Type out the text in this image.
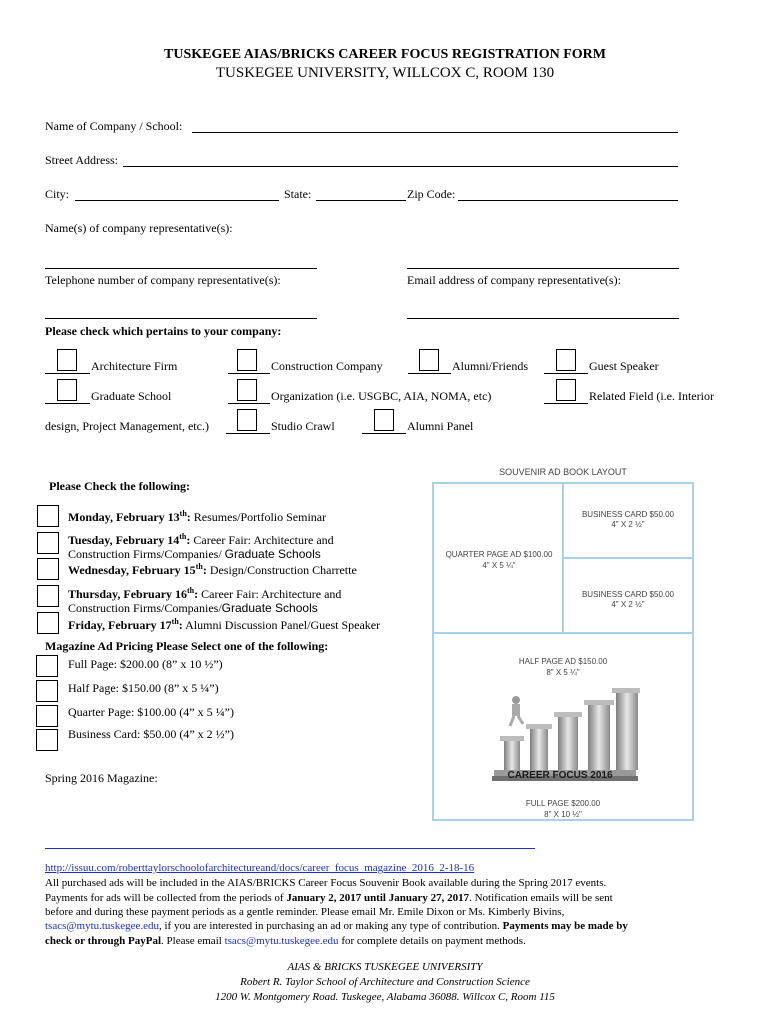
TUSKEGEE AIAS/BRICKS CAREER FOCUS REGISTRATION FORM
TUSKEGEE UNIVERSITY, WILLCOX C, ROOM 130
Name of Company / School:
Street Address:
City:	State:	Zip Code:
Name(s) of company representative(s):
Telephone number of company representative(s):	Email address of company representative(s):
Please check which pertains to your company:
Architecture Firm	Construction Company	Alumni/Friends	Guest Speaker
Graduate School	Organization (i.e. USGBC, AIA, NOMA, etc)	Related Field (i.e. Interior
design, Project Management, etc.)	Studio Crawl	Alumni Panel
Please Check the following:
Monday, February 13th: Resumes/Portfolio Seminar
Tuesday, February 14th: Career Fair: Architecture and
Construction Firms/Companies/ Graduate Schools
Wednesday, February 15th: Design/Construction Charrette
Thursday, February 16th: Career Fair: Architecture and
Construction Firms/Companies/Graduate Schools
Friday, February 17th: Alumni Discussion Panel/Guest Speaker
Magazine Ad Pricing Please Select one of the following:
Full Page: $200.00 (8” x 10 ½”)
Half Page: $150.00 (8” x 5 ¼”)
Quarter Page: $100.00 (4” x 5 ¼”)
Business Card: $50.00 (4” x 2 ½”)
Spring 2016 Magazine:
SOUVENIR AD BOOK LAYOUT
BUSINESS CARD $50.00
4" X 2 ½"
QUARTER PAGE AD $100.00
4" X 5 ¼"
BUSINESS CARD $50.00
4" X 2 ½"
HALF PAGE AD $150.00
8" X 5 ¼"
CAREER FOCUS 2016
FULL PAGE $200.00
8" X 10 ½"
http://issuu.com/roberttaylorschoolofarchitectureand/docs/career_focus_magazine_2016_2-18-16
All purchased ads will be included in the AIAS/BRICKS Career Focus Souvenir Book available during the Spring 2017 events.
Payments for ads will be collected from the periods of January 2, 2017 until January 27, 2017. Notification emails will be sent
before and during these payment periods as a gentle reminder. Please email Mr. Emile Dixon or Ms. Kimberly Bivins,
tsacs@mytu.tuskegee.edu, if you are interested in purchasing an ad or making any type of contribution. Payments may be made by
check or through PayPal. Please email tsacs@mytu.tuskegee.edu for complete details on payment methods.
AIAS & BRICKS TUSKEGEE UNIVERSITY
Robert R. Taylor School of Architecture and Construction Science
1200 W. Montgomery Road. Tuskegee, Alabama 36088. Willcox C, Room 115
